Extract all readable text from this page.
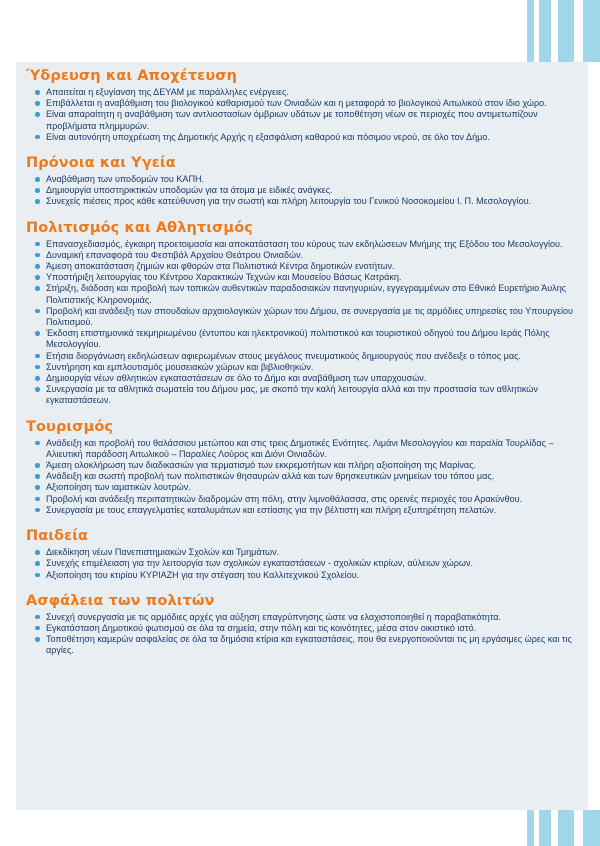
Ύδρευση και Αποχέτευση
Απαιτείται η εξυγίανση της ΔΕΥΑΜ με παράλληλες ενέργειες.
Επιβάλλεται η αναβάθμιση του βιολογικού καθαρισμού των Οινιαδών και η μεταφορά το βιολογικού Αιτωλικού στον ίδιο χώρο.
Είναι απαραίτητη η αναβάθμιση των αντλιοστασίων όμβριων υδάτων με τοποθέτηση νέων σε περιοχές που αντιμετωπίζουν προβλήματα πλημμυρών.
Είναι αυτονόητη υποχρέωση της Δημοτικής Αρχής η εξασφάλιση καθαρού και πόσιμου νερού, σε όλο τον Δήμο.
Πρόνοια και Υγεία
Αναβάθμιση των υποδομών του ΚΑΠΗ.
Δημιουργία υποστηρικτικών υποδομών για τα άτομα με ειδικές ανάγκες.
Συνεχείς πιέσεις προς κάθε κατεύθυνση για την σωστή και πλήρη λειτουργία του Γενικού Νοσοκομείου Ι. Π. Μεσολογγίου.
Πολιτισμός και Αθλητισμός
Επανασχεδιασμός, έγκαιρη προετοιμασία και αποκατάσταση του κύρους των εκδηλώσεων Μνήμης της Εξόδου του Μεσολογγίου.
Δυναμική επαναφορά του Φεστιβάλ Αρχαίου Θεάτρου Οινιαδών.
Άμεση αποκατάσταση ζημιών και φθορών στα Πολιτιστικά Κέντρα δημοτικών ενοτήτων.
Υποστήριξη λειτουργίας του Κέντρου Χαρακτικών Τεχνών και Μουσείου Βάσως Κατράκη.
Στήριξη, διάδοση και προβολή των τοπικών αυθεντικών παραδοσιακών πανηγυριών, εγγεγραμμένων στο Εθνικό Ευρετήριο Άυλης Πολιτιστικής Κληρονομιάς.
Προβολή και ανάδειξη των σπουδαίων αρχαιολογικών χώρων του Δήμου, σε συνεργασία με τις αρμόδιες υπηρεσίες του Υπουργείου Πολιτισμού.
Έκδοση επιστημονικά τεκμηριωμένου (έντυπου και ηλεκτρονικού) πολιτιστικού και τουριστικού οδηγού του Δήμου Ιεράς Πόλης Μεσολογγίου.
Ετήσια διοργάνωση εκδηλώσεων αφιερωμένων στους μεγάλους πνευματικούς δημιουργούς που ανέδειξε ο τόπος μας.
Συντήρηση και εμπλουτισμός μουσειακών χώρων και βιβλιοθηκών.
Δημιουργία νέων αθλητικών εγκαταστάσεων σε όλο το Δήμο και αναβάθμιση των υπαρχουσών.
Συνεργασία με τα αθλητικά σωματεία του Δήμου μας, με σκοπό την καλή λειτουργία αλλά και την προστασία των αθλητικών εγκαταστάσεων.
Τουρισμός
Ανάδειξη και προβολή του θαλάσσιου μετώπου και στις τρεις Δημοτικές Ενότητες. Λιμάνι Μεσολογγίου και παραλία Τουρλίδας – Αλιευτική παράδοση Αιτωλικού – Παραλίες Λούρος και Διόνι Οινιαδών.
Άμεση ολοκλήρωση των διαδικασιών για τερματισμό των εκκρεμοτήτων και πλήρη αξιοποίηση της Μαρίνας.
Ανάδειξη και σωστή προβολή των πολιτιστικών θησαυρών αλλά και των θρησκευτικών μνημείων του τόπου μας.
Αξιοποίηση των ιαματικών λουτρών.
Προβολή και ανάδειξη περιπατητικών διαδρομών στη πόλη, στην λιμνοθάλασσα, στις ορεινές περιοχές του Αρακύνθου.
Συνεργασία με τους επαγγελματίες καταλυμάτων και εστίασης για την βέλτιστη και πλήρη εξυπηρέτηση πελατών.
Παιδεία
Διεκδίκηση νέων Πανεπιστημιακών Σχολών και Τμημάτων.
Συνεχής επιμέλειαση για την λειτουργία των σχολικών εγκαταστάσεων - σχολικών κτιρίων, αύλειων χώρων.
Αξιοποίηση του κτιρίου ΚΥΡΙΑΖΗ για την στέγαση του Καλλιτεχνικού Σχολείου.
Ασφάλεια των πολιτών
Συνεχή συνεργασία με τις αρμόδιες αρχές για αύξηση επαγρύπνησης ώστε να ελαχιστοποιηθεί η παραβατικότητα.
Εγκατάσταση Δημοτικού φωτισμού σε όλα τα σημεία, στην πόλη και τις κοινότητες, μέσα στον οικιστικό ιστό.
Τοποθέτηση καμερών ασφαλείας σε όλα τα δημόσια κτίρια και εγκαταστάσεις, που θα ενεργοποιούνται τις μη εργάσιμες ώρες και τις αργίες.
